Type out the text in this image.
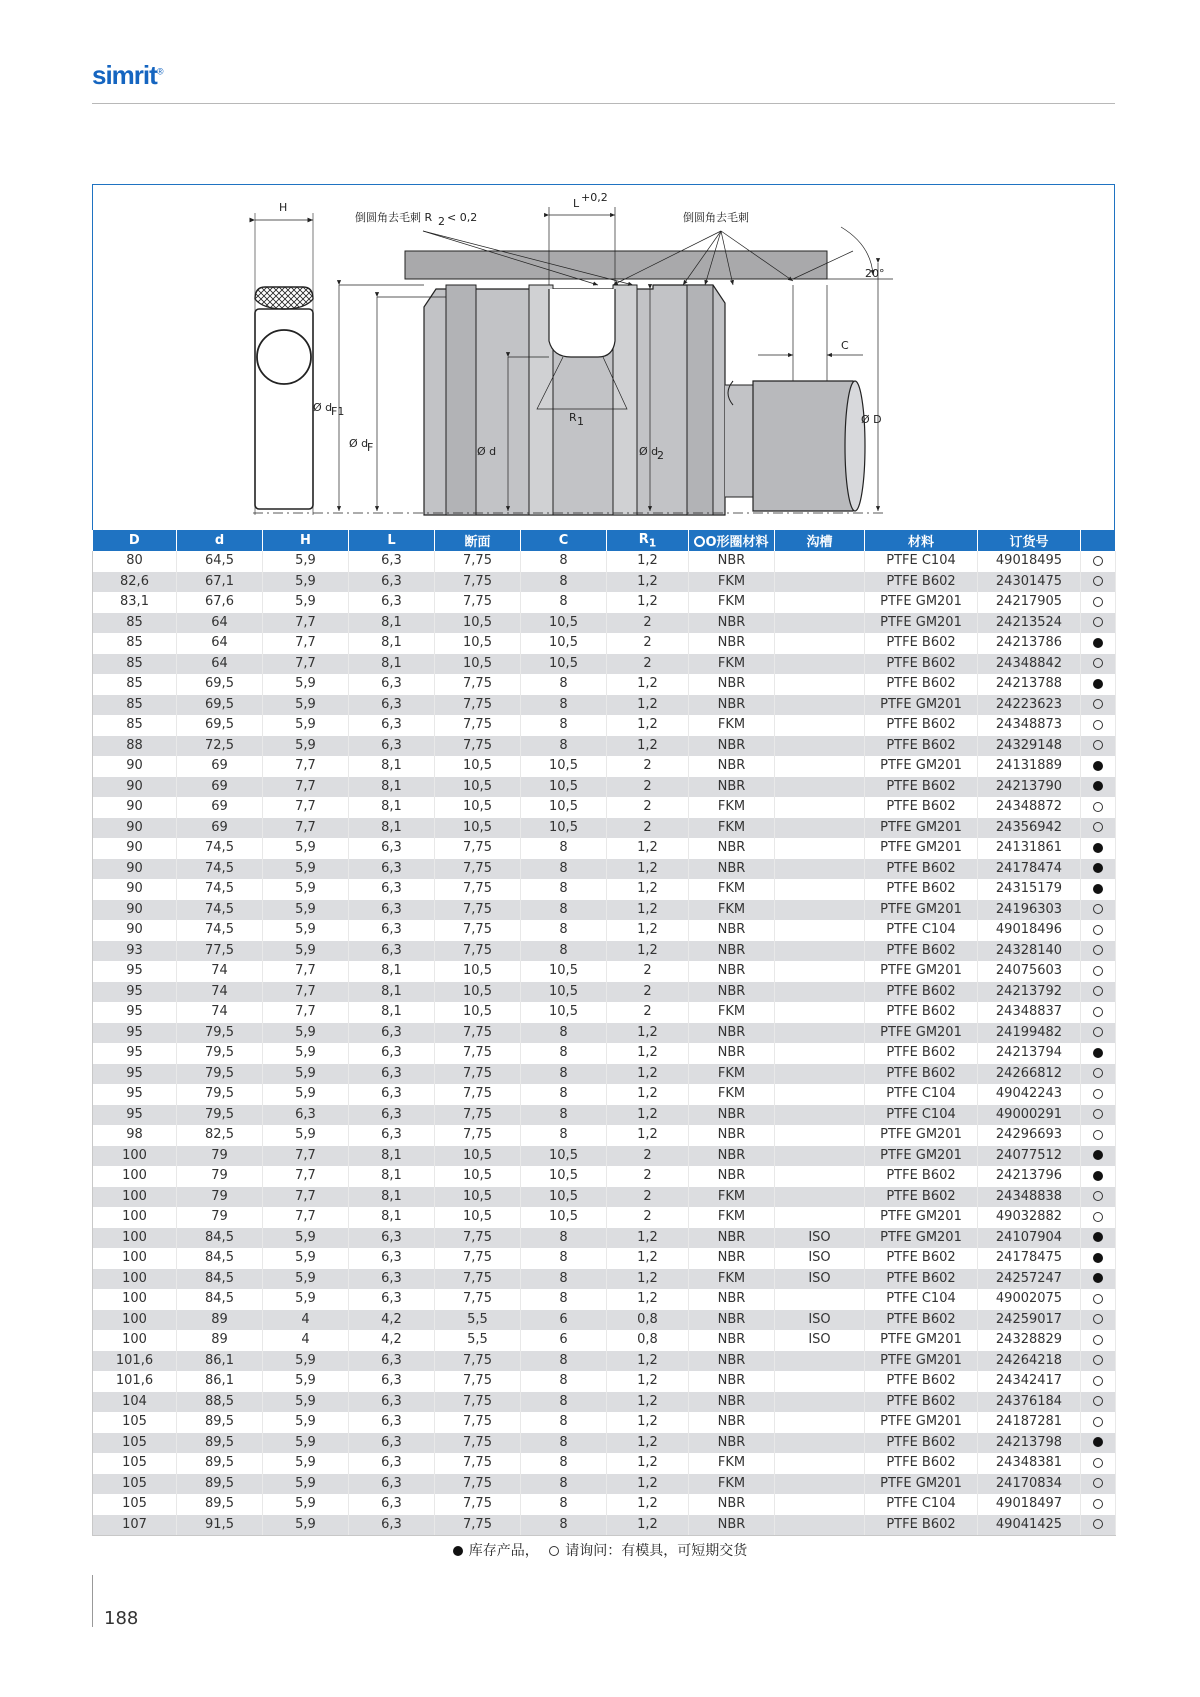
simrit®
H
倒圆角去毛刺 R 2 < 0,2
L +0,2
倒圆角去毛刺
20°
C
Ø d
F1
Ø d
F	Ø d	Ø d
2
R 1	Ø D
D	d	H	L	断面	C	$R_1$	O形圈材料	沟槽	材料	订货号	
80	64,5	5,9	6,3	7,75	8	1,2	NBR		PTFE C104	49018495	
82,6	67,1	5,9	6,3	7,75	8	1,2	FKM		PTFE B602	24301475	
83,1	67,6	5,9	6,3	7,75	8	1,2	FKM		PTFE GM201	24217905	
85	64	7,7	8,1	10,5	10,5	2	NBR		PTFE GM201	24213524	
85	64	7,7	8,1	10,5	10,5	2	NBR		PTFE B602	24213786	
85	64	7,7	8,1	10,5	10,5	2	FKM		PTFE B602	24348842	
85	69,5	5,9	6,3	7,75	8	1,2	NBR		PTFE B602	24213788	
85	69,5	5,9	6,3	7,75	8	1,2	NBR		PTFE GM201	24223623	
85	69,5	5,9	6,3	7,75	8	1,2	FKM		PTFE B602	24348873	
88	72,5	5,9	6,3	7,75	8	1,2	NBR		PTFE B602	24329148	
90	69	7,7	8,1	10,5	10,5	2	NBR		PTFE GM201	24131889	
90	69	7,7	8,1	10,5	10,5	2	NBR		PTFE B602	24213790	
90	69	7,7	8,1	10,5	10,5	2	FKM		PTFE B602	24348872	
90	69	7,7	8,1	10,5	10,5	2	FKM		PTFE GM201	24356942	
90	74,5	5,9	6,3	7,75	8	1,2	NBR		PTFE GM201	24131861	
90	74,5	5,9	6,3	7,75	8	1,2	NBR		PTFE B602	24178474	
90	74,5	5,9	6,3	7,75	8	1,2	FKM		PTFE B602	24315179	
90	74,5	5,9	6,3	7,75	8	1,2	FKM		PTFE GM201	24196303	
90	74,5	5,9	6,3	7,75	8	1,2	NBR		PTFE C104	49018496	
93	77,5	5,9	6,3	7,75	8	1,2	NBR		PTFE B602	24328140	
95	74	7,7	8,1	10,5	10,5	2	NBR		PTFE GM201	24075603	
95	74	7,7	8,1	10,5	10,5	2	NBR		PTFE B602	24213792	
95	74	7,7	8,1	10,5	10,5	2	FKM		PTFE B602	24348837	
95	79,5	5,9	6,3	7,75	8	1,2	NBR		PTFE GM201	24199482	
95	79,5	5,9	6,3	7,75	8	1,2	NBR		PTFE B602	24213794	
95	79,5	5,9	6,3	7,75	8	1,2	FKM		PTFE B602	24266812	
95	79,5	5,9	6,3	7,75	8	1,2	FKM		PTFE C104	49042243	
95	79,5	6,3	6,3	7,75	8	1,2	NBR		PTFE C104	49000291	
98	82,5	5,9	6,3	7,75	8	1,2	NBR		PTFE GM201	24296693	
100	79	7,7	8,1	10,5	10,5	2	NBR		PTFE GM201	24077512	
100	79	7,7	8,1	10,5	10,5	2	NBR		PTFE B602	24213796	
100	79	7,7	8,1	10,5	10,5	2	FKM		PTFE B602	24348838	
100	79	7,7	8,1	10,5	10,5	2	FKM		PTFE GM201	49032882	
100	84,5	5,9	6,3	7,75	8	1,2	NBR	ISO	PTFE GM201	24107904	
100	84,5	5,9	6,3	7,75	8	1,2	NBR	ISO	PTFE B602	24178475	
100	84,5	5,9	6,3	7,75	8	1,2	FKM	ISO	PTFE B602	24257247	
100	84,5	5,9	6,3	7,75	8	1,2	NBR		PTFE C104	49002075	
100	89	4	4,2	5,5	6	0,8	NBR	ISO	PTFE B602	24259017	
100	89	4	4,2	5,5	6	0,8	NBR	ISO	PTFE GM201	24328829	
101,6	86,1	5,9	6,3	7,75	8	1,2	NBR		PTFE GM201	24264218	
101,6	86,1	5,9	6,3	7,75	8	1,2	NBR		PTFE B602	24342417	
104	88,5	5,9	6,3	7,75	8	1,2	NBR		PTFE B602	24376184	
105	89,5	5,9	6,3	7,75	8	1,2	NBR		PTFE GM201	24187281	
105	89,5	5,9	6,3	7,75	8	1,2	NBR		PTFE B602	24213798	
105	89,5	5,9	6,3	7,75	8	1,2	FKM		PTFE B602	24348381	
105	89,5	5,9	6,3	7,75	8	1,2	FKM		PTFE GM201	24170834	
105	89,5	5,9	6,3	7,75	8	1,2	NBR		PTFE C104	49018497	
107	91,5	5,9	6,3	7,75	8	1,2	NBR		PTFE B602	49041425	
库存产品， 请询问：有模具，可短期交货
188
